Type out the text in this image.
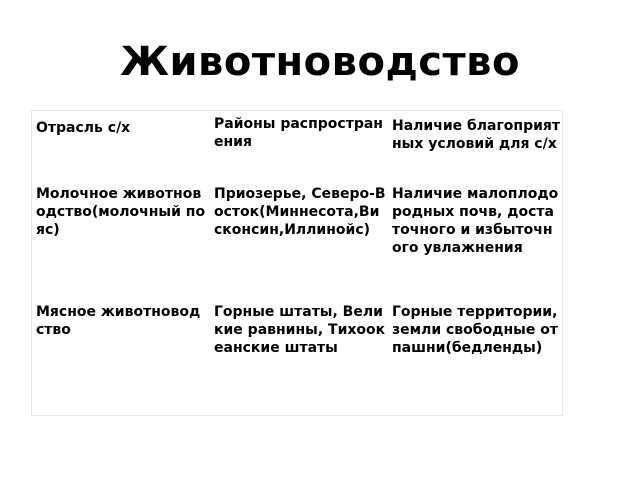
Животноводство
Отрасль с/х	Районы распространения
Наличие благоприятных условий для с/х
Молочное животноводство(молочный пояс)
Приозерье, Северо-Восток(Миннесота,Висконсин,Иллинойс)
Наличие малоплодородных почв, достаточного и избыточного увлажнения
Мясное животноводство
Горные штаты, Великие равнины, Тихоокеанские штаты
Горные территории, земли свободные от пашни(бедленды)
